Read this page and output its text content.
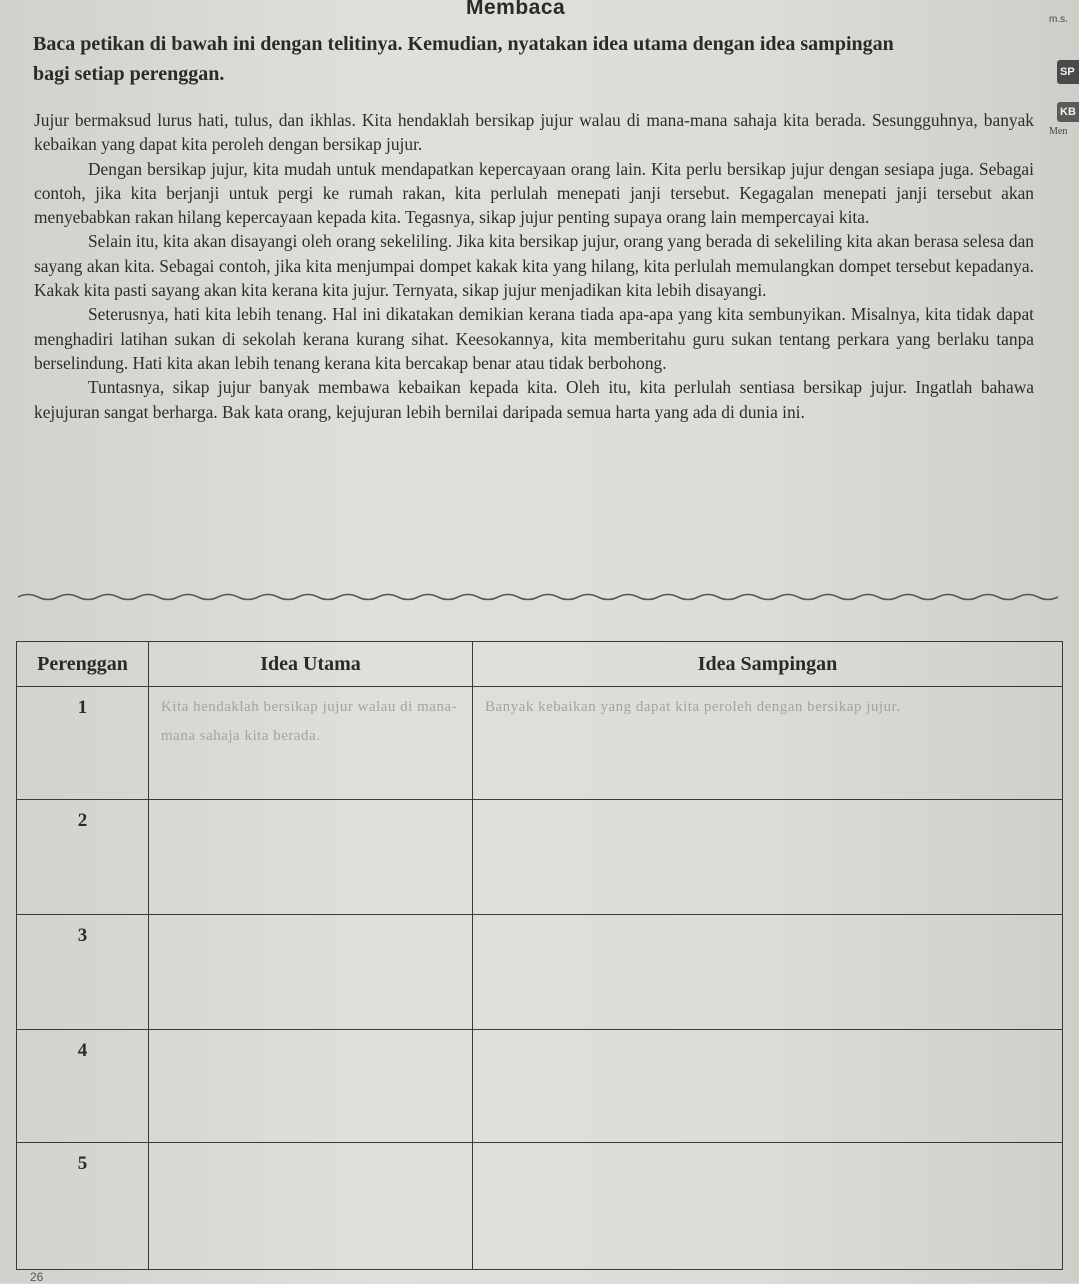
Membaca
m.s.
SP
KB
Men
Baca petikan di bawah ini dengan telitinya. Kemudian, nyatakan idea utama dengan idea sampingan
bagi setiap perenggan.

Jujur bermaksud lurus hati, tulus, dan ikhlas. Kita hendaklah bersikap jujur walau di mana-mana sahaja kita berada. Sesungguhnya, banyak kebaikan yang dapat kita peroleh dengan bersikap jujur.

Dengan bersikap jujur, kita mudah untuk mendapatkan kepercayaan orang lain. Kita perlu bersikap jujur dengan sesiapa juga. Sebagai contoh, jika kita berjanji untuk pergi ke rumah rakan, kita perlulah menepati janji tersebut. Kegagalan menepati janji tersebut akan menyebabkan rakan hilang kepercayaan kepada kita. Tegasnya, sikap jujur penting supaya orang lain mempercayai kita.

Selain itu, kita akan disayangi oleh orang sekeliling. Jika kita bersikap jujur, orang yang berada di sekeliling kita akan berasa selesa dan sayang akan kita. Sebagai contoh, jika kita menjumpai dompet kakak kita yang hilang, kita perlulah memulangkan dompet tersebut kepadanya. Kakak kita pasti sayang akan kita kerana kita jujur. Ternyata, sikap jujur menjadikan kita lebih disayangi.

Seterusnya, hati kita lebih tenang. Hal ini dikatakan demikian kerana tiada apa-apa yang kita sembunyikan. Misalnya, kita tidak dapat menghadiri latihan sukan di sekolah kerana kurang sihat. Keesokannya, kita memberitahu guru sukan tentang perkara yang berlaku tanpa berselindung. Hati kita akan lebih tenang kerana kita bercakap benar atau tidak berbohong.

Tuntasnya, sikap jujur banyak membawa kebaikan kepada kita. Oleh itu, kita perlulah sentiasa bersikap jujur. Ingatlah bahawa kejujuran sangat berharga. Bak kata orang, kejujuran lebih bernilai daripada semua harta yang ada di dunia ini.

Perenggan	Idea Utama	Idea Sampingan
1	Kita hendaklah bersikap jujur walau di mana-mana sahaja kita berada.	Banyak kebaikan yang dapat kita peroleh dengan bersikap jujur.

2	

3	

4	

5	

26
